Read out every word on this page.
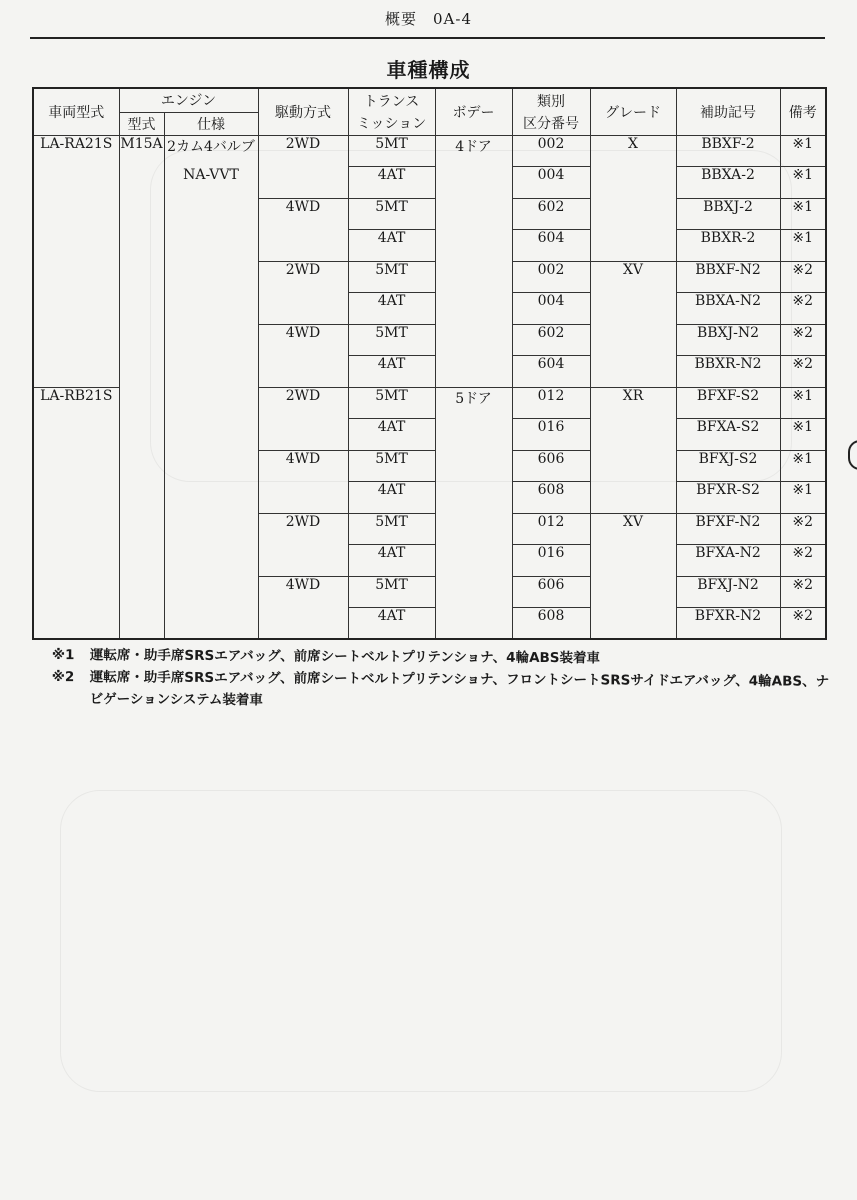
概要　0A-4
車種構成
車両型式	エンジン		駆動方式	トランス	ボデー	類別	グレード	補助記号	備考
	型式	仕様		ミッション		区分番号			
LA-RA21S	M15A	2カム4バルブ	2WD	5MT	4ドア	002	X	BBXF-2	※1
		NA-VVT		4AT		004		BBXA-2	※1
			4WD	5MT		602		BBXJ-2	※1
				4AT		604		BBXR-2	※1
			2WD	5MT		002	XV	BBXF-N2	※2
				4AT		004		BBXA-N2	※2
			4WD	5MT		602		BBXJ-N2	※2
				4AT		604		BBXR-N2	※2
LA-RB21S			2WD	5MT	5ドア	012	XR	BFXF-S2	※1
				4AT		016		BFXA-S2	※1
			4WD	5MT		606		BFXJ-S2	※1
				4AT		608		BFXR-S2	※1
			2WD	5MT		012	XV	BFXF-N2	※2
				4AT		016		BFXA-N2	※2
			4WD	5MT		606		BFXJ-N2	※2
				4AT		608		BFXR-N2	※2
※1	運転席・助手席SRSエアバッグ、前席シートベルトプリテンショナ、4輪ABS装着車
※2	運転席・助手席SRSエアバッグ、前席シートベルトプリテンショナ、フロントシートSRSサイドエアバッグ、4輪ABS、ナビゲーションシステム装着車
